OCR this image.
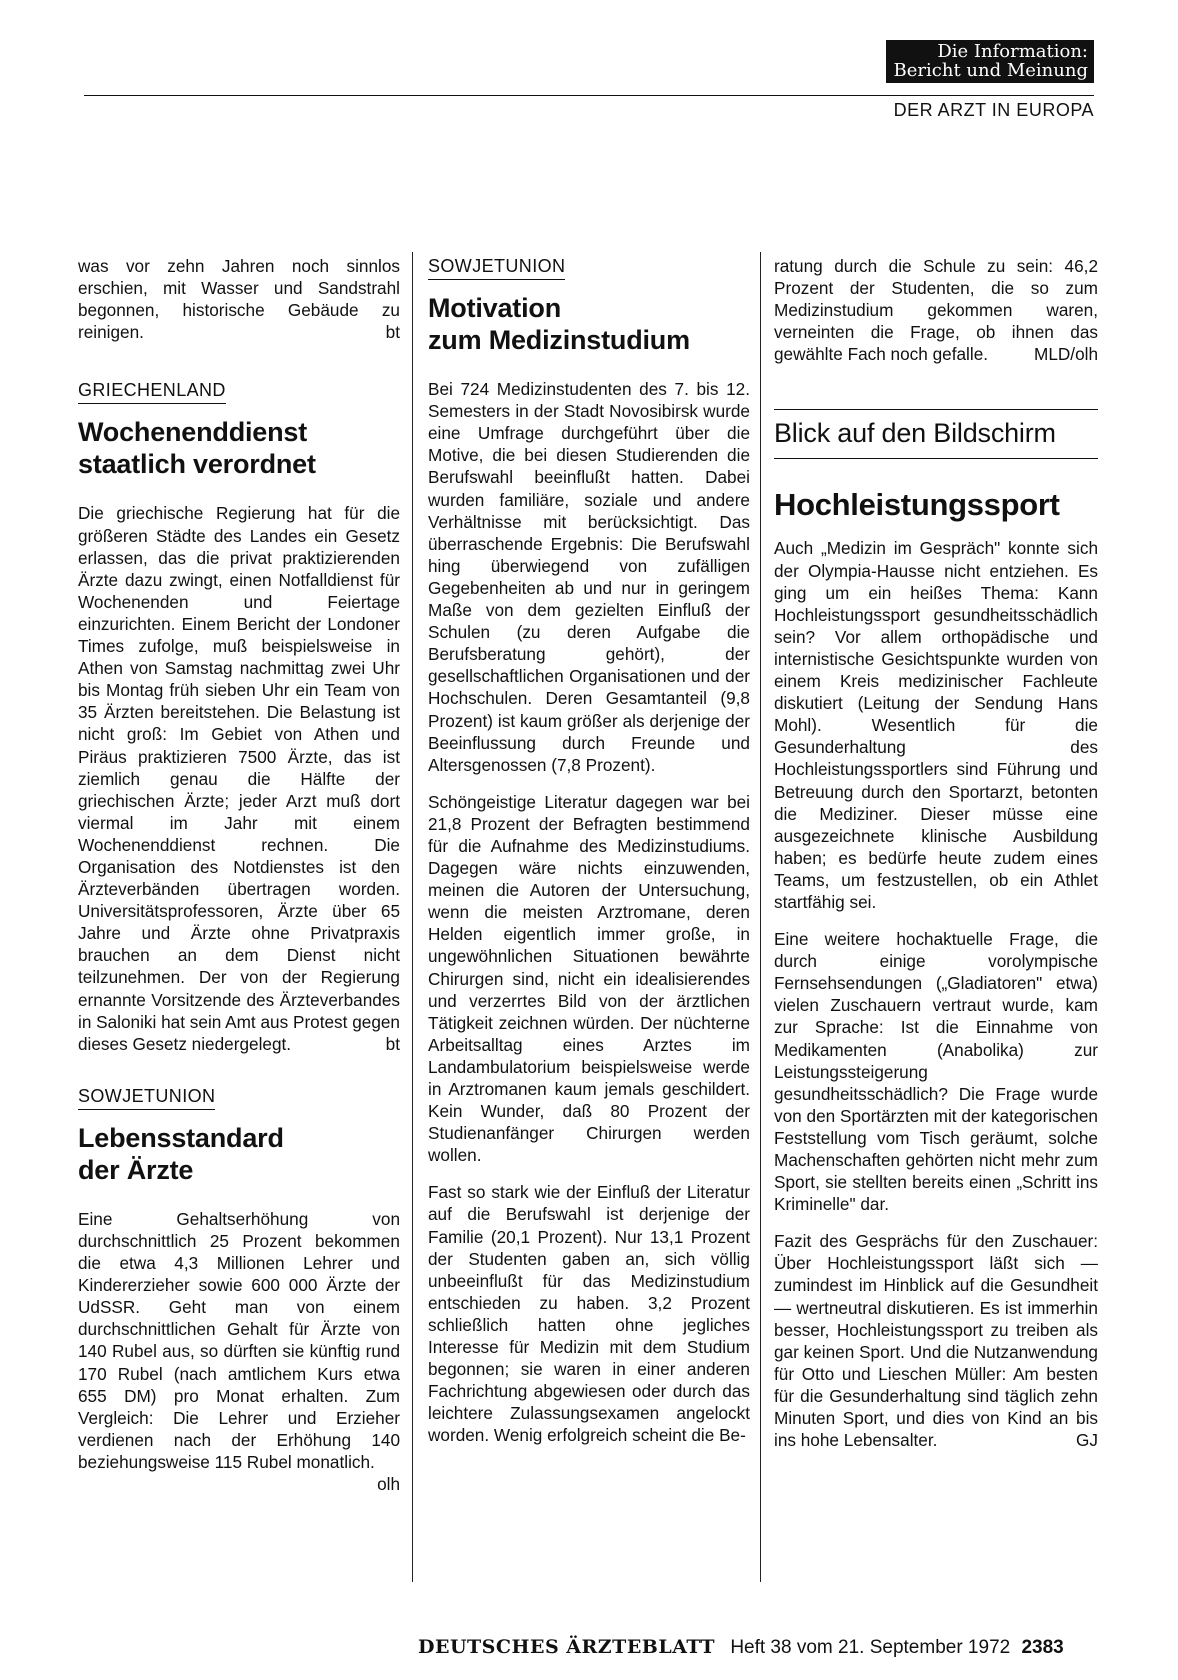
Die Information:
Bericht und Meinung
DER ARZT IN EUROPA

was vor zehn Jahren noch sinnlos erschien, mit Wasser und Sandstrahl begonnen, historische Gebäude zu reinigen.	bt

GRIECHENLAND
Wochenenddienst
staatlich verordnet

Die griechische Regierung hat für die größeren Städte des Landes ein Gesetz erlassen, das die privat praktizierenden Ärzte dazu zwingt, einen Notfalldienst für Wochenenden und Feiertage einzurichten. Einem Bericht der Londoner Times zufolge, muß beispielsweise in Athen von Samstag nachmittag zwei Uhr bis Montag früh sieben Uhr ein Team von 35 Ärzten bereitstehen. Die Belastung ist nicht groß: Im Gebiet von Athen und Piräus praktizieren 7500 Ärzte, das ist ziemlich genau die Hälfte der griechischen Ärzte; jeder Arzt muß dort viermal im Jahr mit einem Wochenenddienst rechnen. Die Organisation des Notdienstes ist den Ärzteverbänden übertragen worden. Universitätsprofessoren, Ärzte über 65 Jahre und Ärzte ohne Privatpraxis brauchen an dem Dienst nicht teilzunehmen. Der von der Regierung ernannte Vorsitzende des Ärzteverbandes in Saloniki hat sein Amt aus Protest gegen dieses Gesetz niedergelegt.	bt

SOWJETUNION
Lebensstandard
der Ärzte

Eine Gehaltserhöhung von durchschnittlich 25 Prozent bekommen die etwa 4,3 Millionen Lehrer und Kindererzieher sowie 600 000 Ärzte der UdSSR. Geht man von einem durchschnittlichen Gehalt für Ärzte von 140 Rubel aus, so dürften sie künftig rund 170 Rubel (nach amtlichem Kurs etwa 655 DM) pro Monat erhalten. Zum Vergleich: Die Lehrer und Erzieher verdienen nach der Erhöhung 140 beziehungsweise 115 Rubel monatlich.
olh

SOWJETUNION
Motivation
zum Medizinstudium

Bei 724 Medizinstudenten des 7. bis 12. Semesters in der Stadt Novosibirsk wurde eine Umfrage durchgeführt über die Motive, die bei diesen Studierenden die Berufswahl beeinflußt hatten. Dabei wurden familiäre, soziale und andere Verhältnisse mit berücksichtigt. Das überraschende Ergebnis: Die Berufswahl hing überwiegend von zufälligen Gegebenheiten ab und nur in geringem Maße von dem gezielten Einfluß der Schulen (zu deren Aufgabe die Berufsberatung gehört), der gesellschaftlichen Organisationen und der Hochschulen. Deren Gesamtanteil (9,8 Prozent) ist kaum größer als derjenige der Beeinflussung durch Freunde und Altersgenossen (7,8 Prozent).

Schöngeistige Literatur dagegen war bei 21,8 Prozent der Befragten bestimmend für die Aufnahme des Medizinstudiums. Dagegen wäre nichts einzuwenden, meinen die Autoren der Untersuchung, wenn die meisten Arztromane, deren Helden eigentlich immer große, in ungewöhnlichen Situationen bewährte Chirurgen sind, nicht ein idealisierendes und verzerrtes Bild von der ärztlichen Tätigkeit zeichnen würden. Der nüchterne Arbeitsalltag eines Arztes im Landambulatorium beispielsweise werde in Arztromanen kaum jemals geschildert. Kein Wunder, daß 80 Prozent der Studienanfänger Chirurgen werden wollen.

Fast so stark wie der Einfluß der Literatur auf die Berufswahl ist derjenige der Familie (20,1 Prozent). Nur 13,1 Prozent der Studenten gaben an, sich völlig unbeeinflußt für das Medizinstudium entschieden zu haben. 3,2 Prozent schließlich hatten ohne jegliches Interesse für Medizin mit dem Studium begonnen; sie waren in einer anderen Fachrichtung abgewiesen oder durch das leichtere Zulassungsexamen angelockt worden. Wenig erfolgreich scheint die Be-

ratung durch die Schule zu sein: 46,2 Prozent der Studenten, die so zum Medizinstudium gekommen waren, verneinten die Frage, ob ihnen das gewählte Fach noch gefalle.	MLD/olh

Blick auf den Bildschirm
Hochleistungssport

Auch „Medizin im Gespräch" konnte sich der Olympia-Hausse nicht entziehen. Es ging um ein heißes Thema: Kann Hochleistungssport gesundheitsschädlich sein? Vor allem orthopädische und internistische Gesichtspunkte wurden von einem Kreis medizinischer Fachleute diskutiert (Leitung der Sendung Hans Mohl). Wesentlich für die Gesunderhaltung des Hochleistungssportlers sind Führung und Betreuung durch den Sportarzt, betonten die Mediziner. Dieser müsse eine ausgezeichnete klinische Ausbildung haben; es bedürfe heute zudem eines Teams, um festzustellen, ob ein Athlet startfähig sei.

Eine weitere hochaktuelle Frage, die durch einige vorolympische Fernsehsendungen („Gladiatoren" etwa) vielen Zuschauern vertraut wurde, kam zur Sprache: Ist die Einnahme von Medikamenten (Anabolika) zur Leistungssteigerung gesundheitsschädlich? Die Frage wurde von den Sportärzten mit der kategorischen Feststellung vom Tisch geräumt, solche Machenschaften gehörten nicht mehr zum Sport, sie stellten bereits einen „Schritt ins Kriminelle" dar.

Fazit des Gesprächs für den Zuschauer: Über Hochleistungssport läßt sich — zumindest im Hinblick auf die Gesundheit — wertneutral diskutieren. Es ist immerhin besser, Hochleistungssport zu treiben als gar keinen Sport. Und die Nutzanwendung für Otto und Lieschen Müller: Am besten für die Gesunderhaltung sind täglich zehn Minuten Sport, und dies von Kind an bis ins hohe Lebensalter.	GJ

DEUTSCHES ÄRZTEBLATT Heft 38 vom 21. September 1972 2383
